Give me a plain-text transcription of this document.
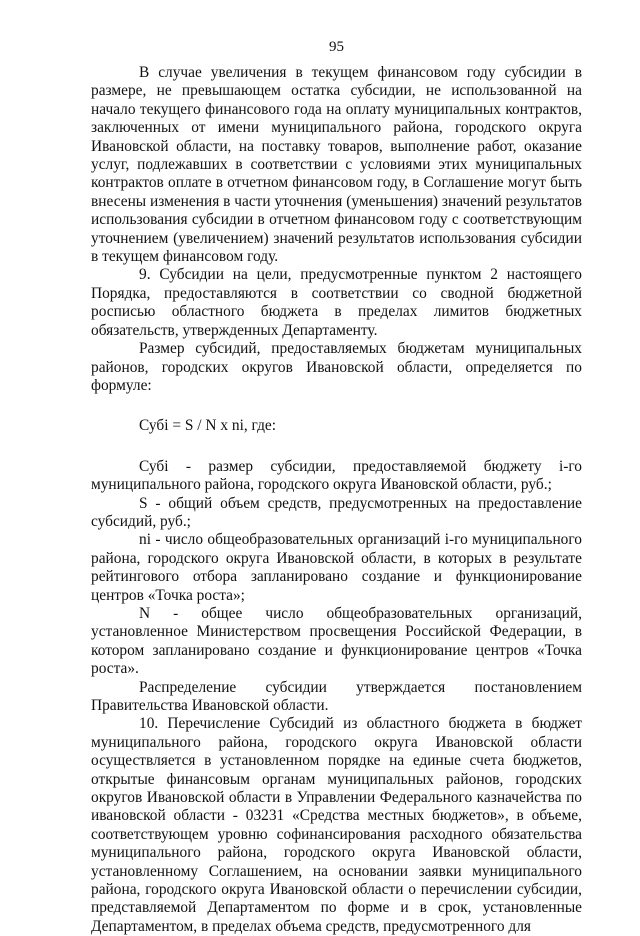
95

В случае увеличения в текущем финансовом году субсидии в размере, не превышающем остатка субсидии, не использованной на начало текущего финансового года на оплату муниципальных контрактов, заключенных от имени муниципального района, городского округа Ивановской области, на поставку товаров, выполнение работ, оказание услуг, подлежавших в соответствии с условиями этих муниципальных контрактов оплате в отчетном финансовом году, в Соглашение могут быть внесены изменения в части уточнения (уменьшения) значений результатов использования субсидии в отчетном финансовом году с соответствующим уточнением (увеличением) значений результатов использования субсидии в текущем финансовом году.

9. Субсидии на цели, предусмотренные пунктом 2 настоящего Порядка, предоставляются в соответствии со сводной бюджетной росписью областного бюджета в пределах лимитов бюджетных обязательств, утвержденных Департаменту.

Размер субсидий, предоставляемых бюджетам муниципальных районов, городских округов Ивановской области, определяется по формуле:

Субі = S / N x ni, где:

Субі - размер субсидии, предоставляемой бюджету i-го муниципального района, городского округа Ивановской области, руб.;

S - общий объем средств, предусмотренных на предоставление субсидий, руб.;

ni - число общеобразовательных организаций i-го муниципального района, городского округа Ивановской области, в которых в результате рейтингового отбора запланировано создание и функционирование центров «Точка роста»;

N - общее число общеобразовательных организаций, установленное Министерством просвещения Российской Федерации, в котором запланировано создание и функционирование центров «Точка роста».

Распределение субсидии утверждается постановлением Правительства Ивановской области.

10. Перечисление Субсидий из областного бюджета в бюджет муниципального района, городского округа Ивановской области осуществляется в установленном порядке на единые счета бюджетов, открытые финансовым органам муниципальных районов, городских округов Ивановской области в Управлении Федерального казначейства по ивановской области - 03231 «Средства местных бюджетов», в объеме, соответствующем уровню софинансирования расходного обязательства муниципального района, городского округа Ивановской области, установленному Соглашением, на основании заявки муниципального района, городского округа Ивановской области о перечислении субсидии, представляемой Департаментом по форме и в срок, установленные Департаментом, в пределах объема средств, предусмотренного для
